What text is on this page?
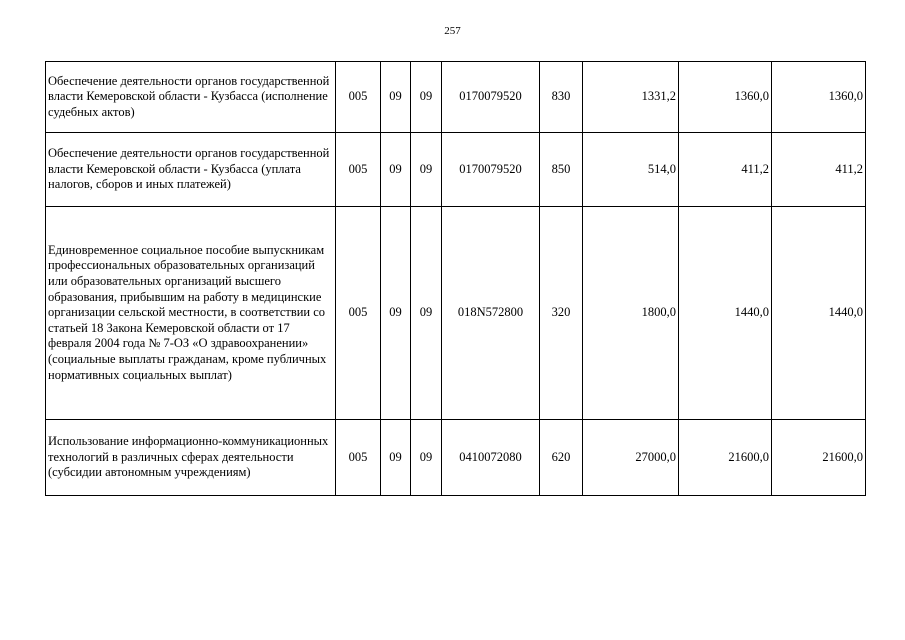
257
Обеспечение деятельности органов государственной власти Кемеровской области - Кузбасса (исполнение судебных актов)	005	09	09	0170079520	830	1331,2	1360,0	1360,0
Обеспечение деятельности органов государственной власти Кемеровской области - Кузбасса (уплата налогов, сборов и иных платежей)	005	09	09	0170079520	850	514,0	411,2	411,2
Единовременное социальное пособие выпускникам профессиональных образовательных организаций или образовательных организаций высшего образования, прибывшим на работу в медицинские организации сельской местности, в соответствии со статьей 18 Закона Кемеровской области от 17 февраля 2004 года № 7-ОЗ «О здравоохранении» (социальные выплаты гражданам, кроме публичных нормативных социальных выплат)	005	09	09	018N572800	320	1800,0	1440,0	1440,0
Использование информационно-коммуникационных технологий в различных сферах деятельности (субсидии автономным учреждениям)	005	09	09	0410072080	620	27000,0	21600,0	21600,0
